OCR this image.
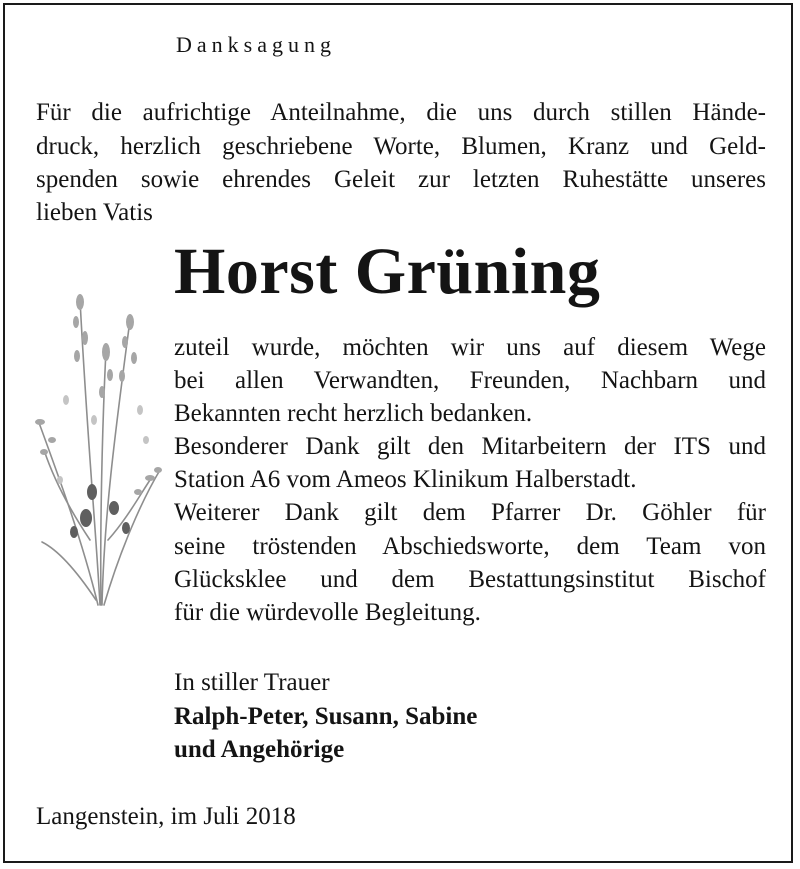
Danksagung
Für die aufrichtige Anteilnahme, die uns durch stillen Hände-
druck, herzlich geschriebene Worte, Blumen, Kranz und Geld-
spenden sowie ehrendes Geleit zur letzten Ruhestätte unseres
lieben Vatis
Horst Grüning
zuteil wurde, möchten wir uns auf diesem Wege
bei allen Verwandten, Freunden, Nachbarn und
Bekannten recht herzlich bedanken.
Besonderer Dank gilt den Mitarbeitern der ITS und
Station A6 vom Ameos Klinikum Halberstadt.
Weiterer Dank gilt dem Pfarrer Dr. Göhler für
seine tröstenden Abschiedsworte, dem Team von
Glücksklee und dem Bestattungsinstitut Bischof
für die würdevolle Begleitung.
In stiller Trauer
Ralph-Peter, Susann, Sabine
und Angehörige
Langenstein, im Juli 2018
